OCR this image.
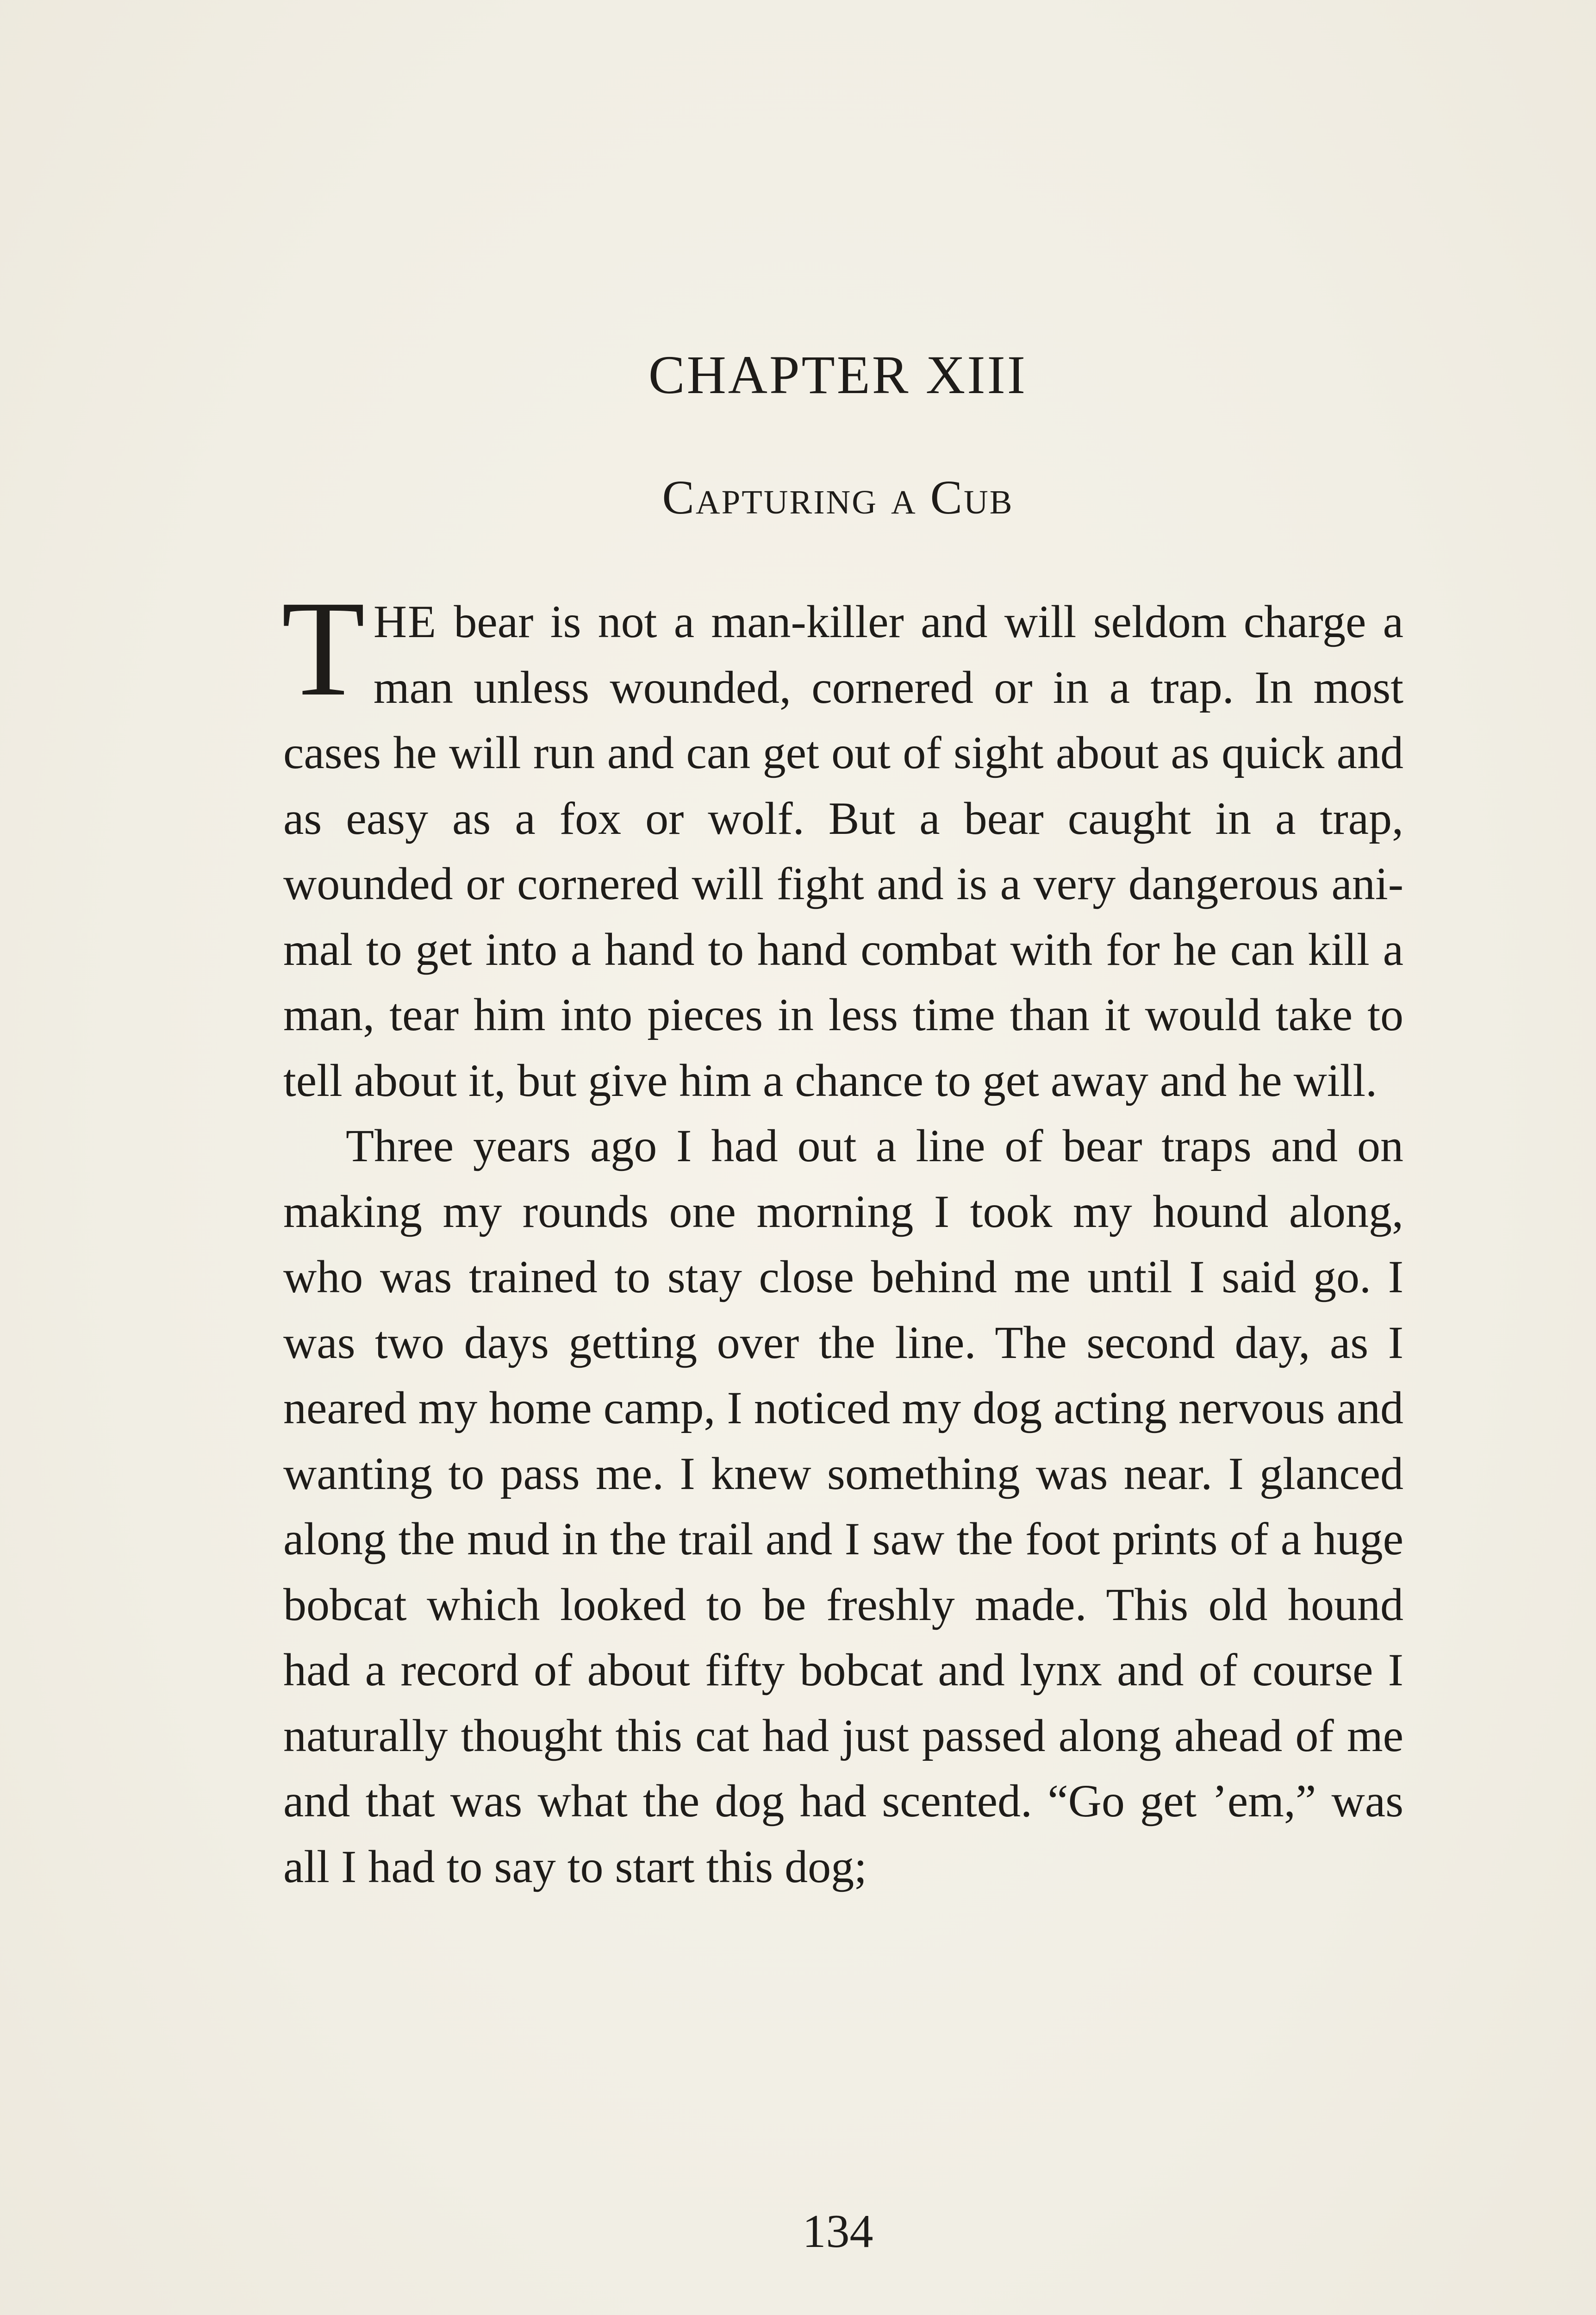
CHAPTER XIII
Capturing a Cub

THE bear is not a man-killer and will seldom charge a man unless wounded, cornered or in a trap. In most cases he will run and can get out of sight about as quick and as easy as a fox or wolf. But a bear caught in a trap, wounded or cornered will fight and is a very dangerous animal to get into a hand to hand combat with for he can kill a man, tear him into pieces in less time than it would take to tell about it, but give him a chance to get away and he will.

Three years ago I had out a line of bear traps and on making my rounds one morning I took my hound along, who was trained to stay close behind me until I said go. I was two days getting over the line. The second day, as I neared my home camp, I noticed my dog acting nervous and wanting to pass me. I knew something was near. I glanced along the mud in the trail and I saw the foot prints of a huge bobcat which looked to be freshly made. This old hound had a record of about fifty bobcat and lynx and of course I naturally thought this cat had just passed along ahead of me and that was what the dog had scented. “Go get ’em,” was all I had to say to start this dog;

134
